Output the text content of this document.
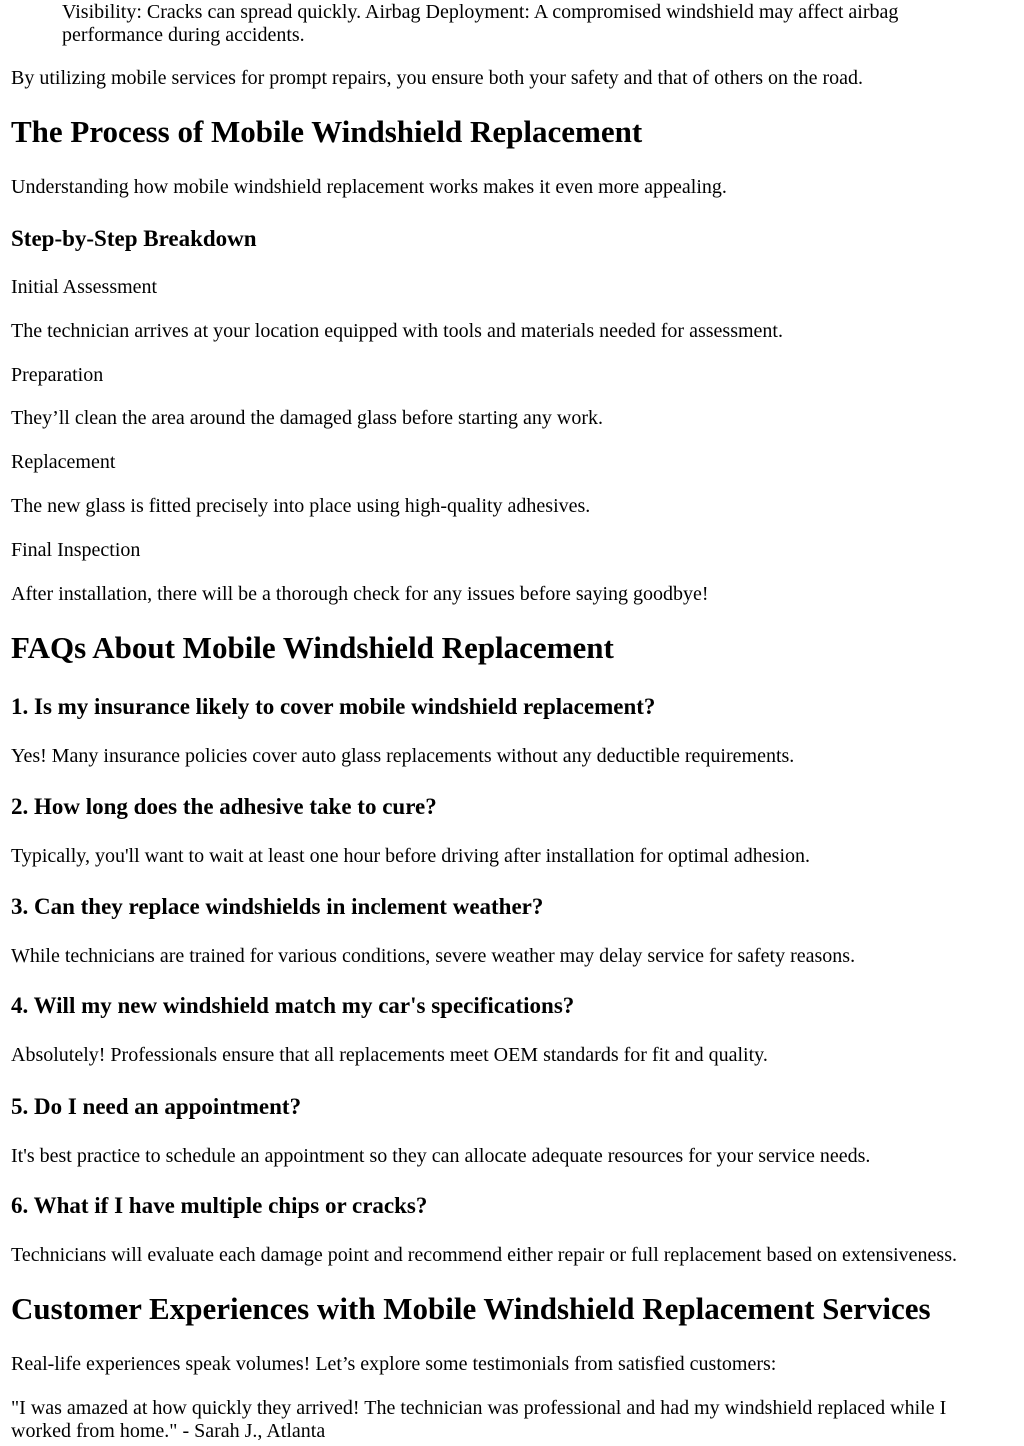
Visibility: Cracks can spread quickly. Airbag Deployment: A compromised windshield may affect airbag performance during accidents.
By utilizing mobile services for prompt repairs, you ensure both your safety and that of others on the road.
The Process of Mobile Windshield Replacement
Understanding how mobile windshield replacement works makes it even more appealing.
Step-by-Step Breakdown
Initial Assessment
The technician arrives at your location equipped with tools and materials needed for assessment.
Preparation
They’ll clean the area around the damaged glass before starting any work.
Replacement
The new glass is fitted precisely into place using high-quality adhesives.
Final Inspection
After installation, there will be a thorough check for any issues before saying goodbye!
FAQs About Mobile Windshield Replacement
1. Is my insurance likely to cover mobile windshield replacement?
Yes! Many insurance policies cover auto glass replacements without any deductible requirements.
2. How long does the adhesive take to cure?
Typically, you'll want to wait at least one hour before driving after installation for optimal adhesion.
3. Can they replace windshields in inclement weather?
While technicians are trained for various conditions, severe weather may delay service for safety reasons.
4. Will my new windshield match my car's specifications?
Absolutely! Professionals ensure that all replacements meet OEM standards for fit and quality.
5. Do I need an appointment?
It's best practice to schedule an appointment so they can allocate adequate resources for your service needs.
6. What if I have multiple chips or cracks?
Technicians will evaluate each damage point and recommend either repair or full replacement based on extensiveness.
Customer Experiences with Mobile Windshield Replacement Services
Real-life experiences speak volumes! Let’s explore some testimonials from satisfied customers:
"I was amazed at how quickly they arrived! The technician was professional and had my windshield replaced while I worked from home." - Sarah J., Atlanta
